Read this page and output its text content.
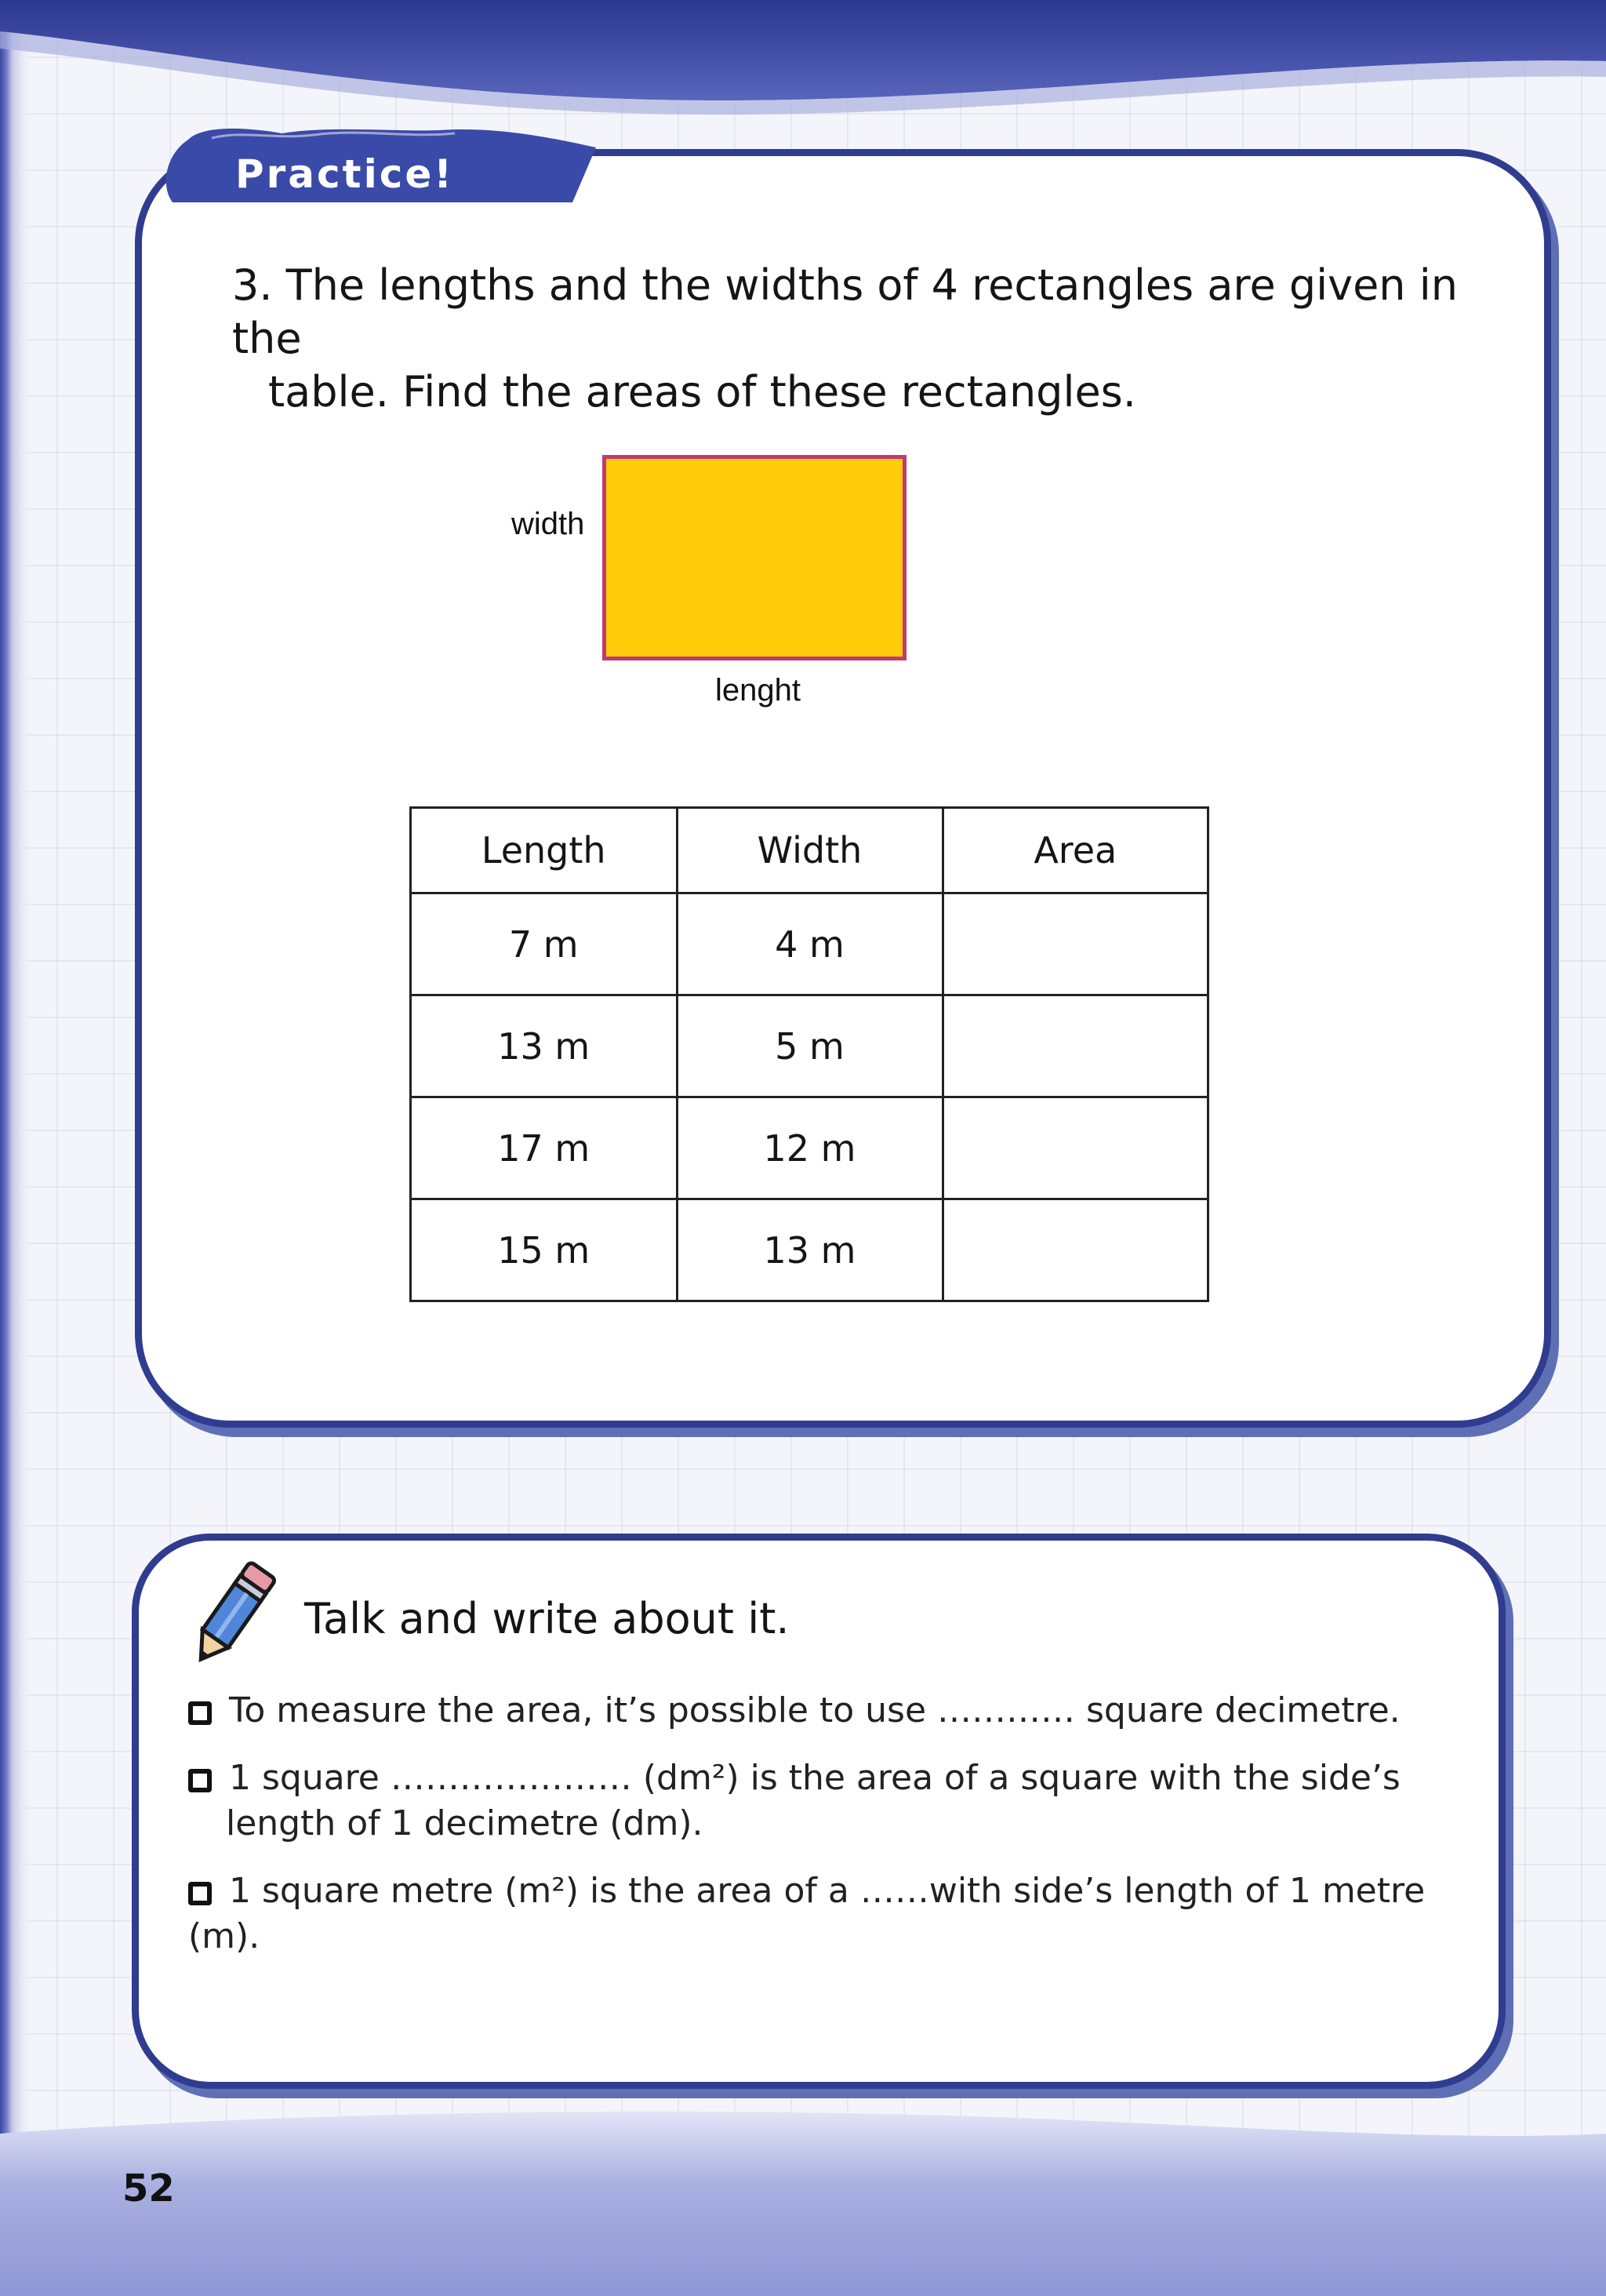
Practice!
3. The lengths and the widths of 4 rectangles are given in the
table. Find the areas of these rectangles.
width
lenght
Length	Width	Area
7 m	4 m	
13 m	5 m	
17 m	12 m	
15 m	13 m	
Talk and write about it.
To measure the area, it’s possible to use ………… square decimetre.
1 square ………………… (dm²) is the area of a square with the side’s
length of 1 decimetre (dm).
1 square metre (m²) is the area of a ……with side’s length of 1 metre (m).
52
